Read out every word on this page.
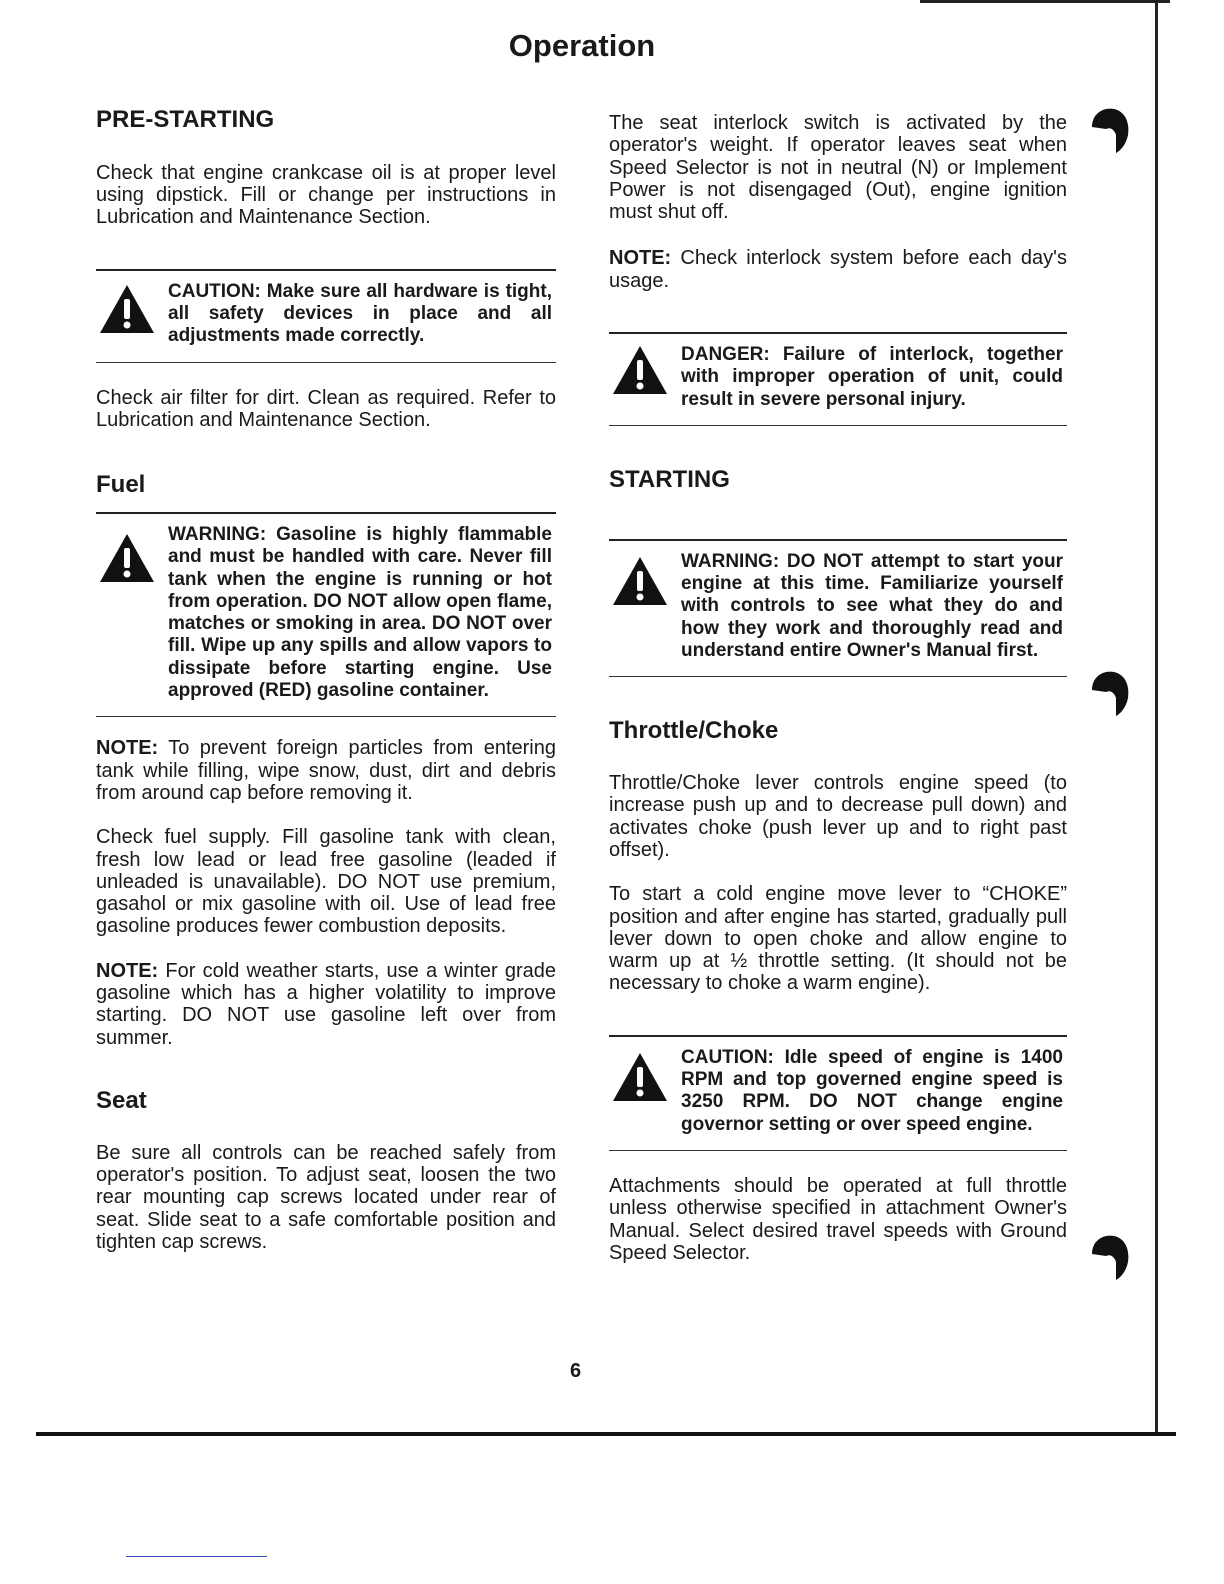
Operation
PRE-STARTING

Check that engine crankcase oil is at proper level using dipstick. Fill or change per instructions in Lubrication and Maintenance Section.

CAUTION: Make sure all hardware is tight, all safety devices in place and all adjustments made correctly.

Check air filter for dirt. Clean as required. Refer to Lubrication and Maintenance Section.

Fuel

WARNING: Gasoline is highly flammable and must be handled with care. Never fill tank when the engine is running or hot from operation. DO NOT allow open flame, matches or smoking in area. DO NOT over fill. Wipe up any spills and allow vapors to dissipate before starting engine. Use approved (RED) gasoline container.

NOTE: To prevent foreign particles from entering tank while filling, wipe snow, dust, dirt and debris from around cap before removing it.

Check fuel supply. Fill gasoline tank with clean, fresh low lead or lead free gasoline (leaded if unleaded is unavailable). DO NOT use premium, gasahol or mix gasoline with oil. Use of lead free gasoline produces fewer combustion deposits.

NOTE: For cold weather starts, use a winter grade gasoline which has a higher volatility to improve starting. DO NOT use gasoline left over from summer.

Seat

Be sure all controls can be reached safely from operator's position. To adjust seat, loosen the two rear mounting cap screws located under rear of seat. Slide seat to a safe comfortable position and tighten cap screws.

The seat interlock switch is activated by the operator's weight. If operator leaves seat when Speed Selector is not in neutral (N) or Implement Power is not disengaged (Out), engine ignition must shut off.

NOTE: Check interlock system before each day's usage.

DANGER: Failure of interlock, together with improper operation of unit, could result in severe personal injury.

STARTING

WARNING: DO NOT attempt to start your engine at this time. Familiarize yourself with controls to see what they do and how they work and thoroughly read and understand entire Owner's Manual first.

Throttle/Choke

Throttle/Choke lever controls engine speed (to increase push up and to decrease pull down) and activates choke (push lever up and to right past offset).

To start a cold engine move lever to “CHOKE” position and after engine has started, gradually pull lever down to open choke and allow engine to warm up at ½ throttle setting. (It should not be necessary to choke a warm engine).

CAUTION: Idle speed of engine is 1400 RPM and top governed engine speed is 3250 RPM. DO NOT change engine governor setting or over speed engine.

Attachments should be operated at full throttle unless otherwise specified in attachment Owner's Manual. Select desired travel speeds with Ground Speed Selector.

6
